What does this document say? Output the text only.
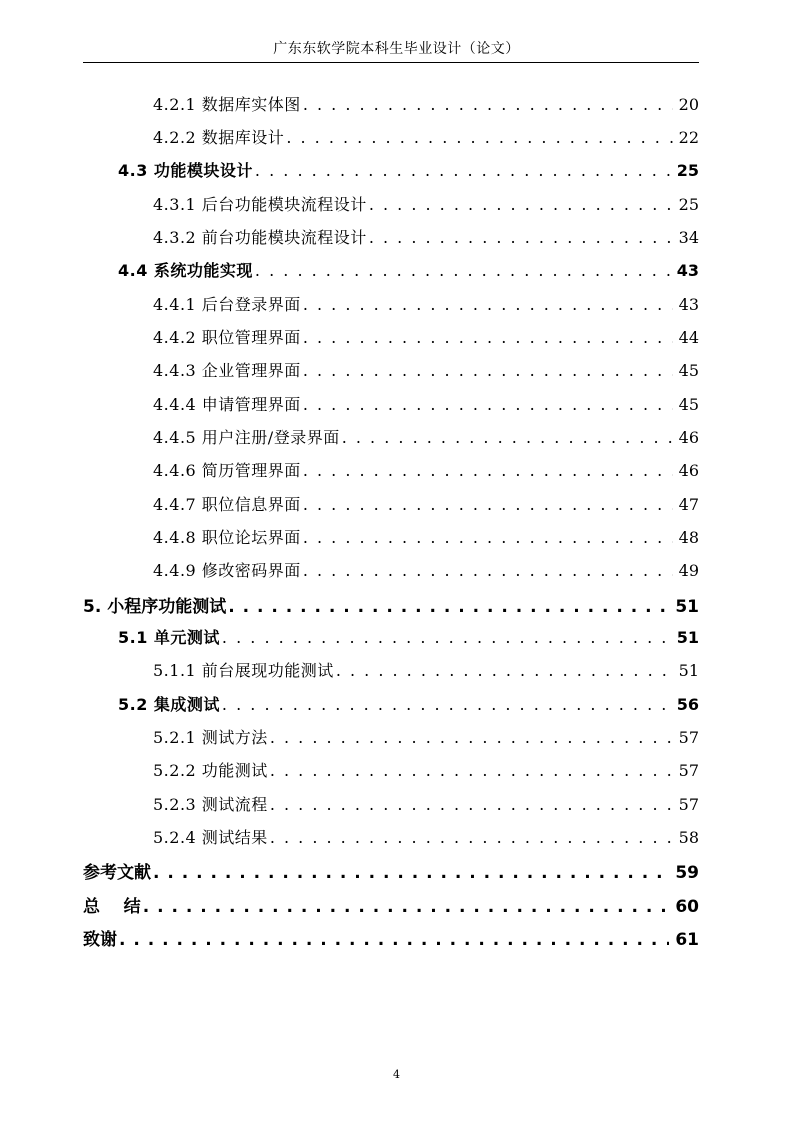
广东东软学院本科生毕业设计（论文）
4.2.1 数据库实体图 . . .	20
4.2.2 数据库设计 . . .	22
4.3 功能模块设计 . . .	25
4.3.1 后台功能模块流程设计 . . .	25
4.3.2 前台功能模块流程设计 . . .	34
4.4 系统功能实现 . . .	43
4.4.1 后台登录界面 . . .	43
4.4.2 职位管理界面 . . .	44
4.4.3 企业管理界面 . . .	45
4.4.4 申请管理界面 . . .	45
4.4.5 用户注册/登录界面 . . .	46
4.4.6 简历管理界面 . . .	46
4.4.7 职位信息界面 . . .	47
4.4.8 职位论坛界面 . . .	48
4.4.9 修改密码界面 . . .	49
5. 小程序功能测试 . . .	51
5.1 单元测试 . . .	51
5.1.1 前台展现功能测试 . . .	51
5.2 集成测试 . . .	56
5.2.1 测试方法 . . .	57
5.2.2 功能测试 . . .	57
5.2.3 测试流程 . . .	57
5.2.4 测试结果 . . .	58
参考文献 . . .	59
总    结 . . .	60
致谢 . . .	61
4
